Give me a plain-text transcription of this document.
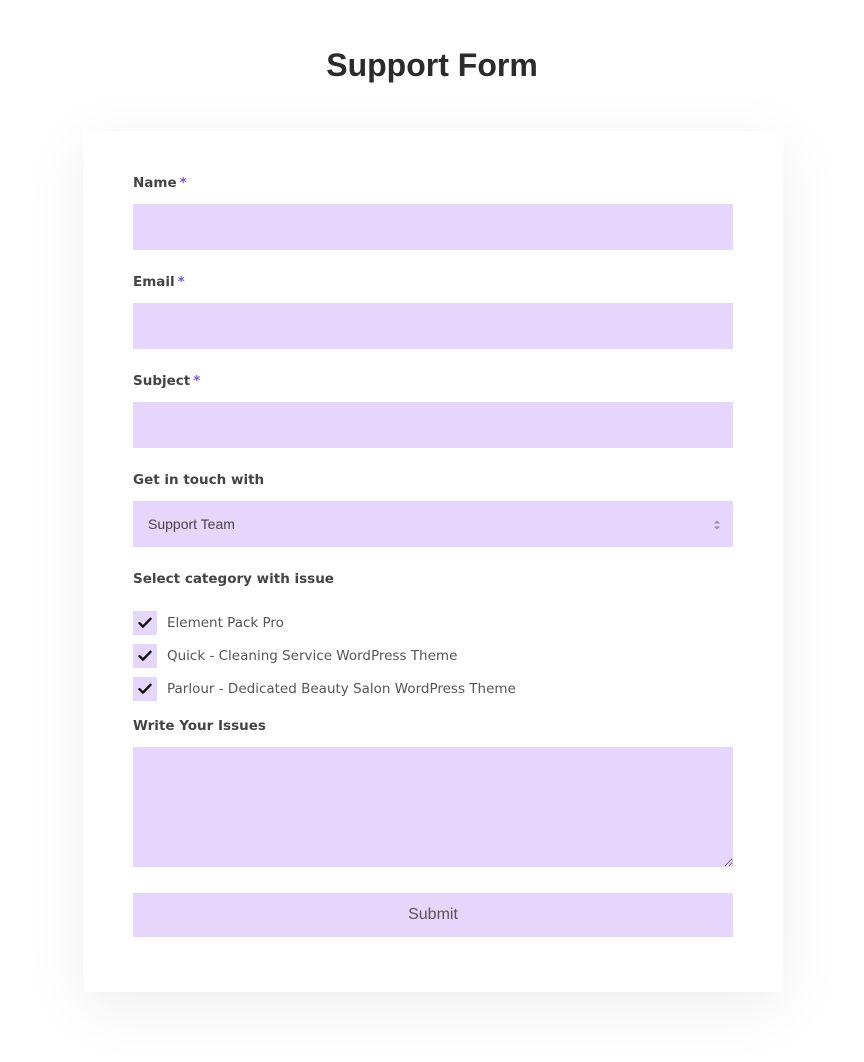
Support Form
Name *
Email *
Subject *
Get in touch with
Support Team
Select category with issue
Element Pack Pro
Quick - Cleaning Service WordPress Theme
Parlour - Dedicated Beauty Salon WordPress Theme
Write Your Issues
Submit
